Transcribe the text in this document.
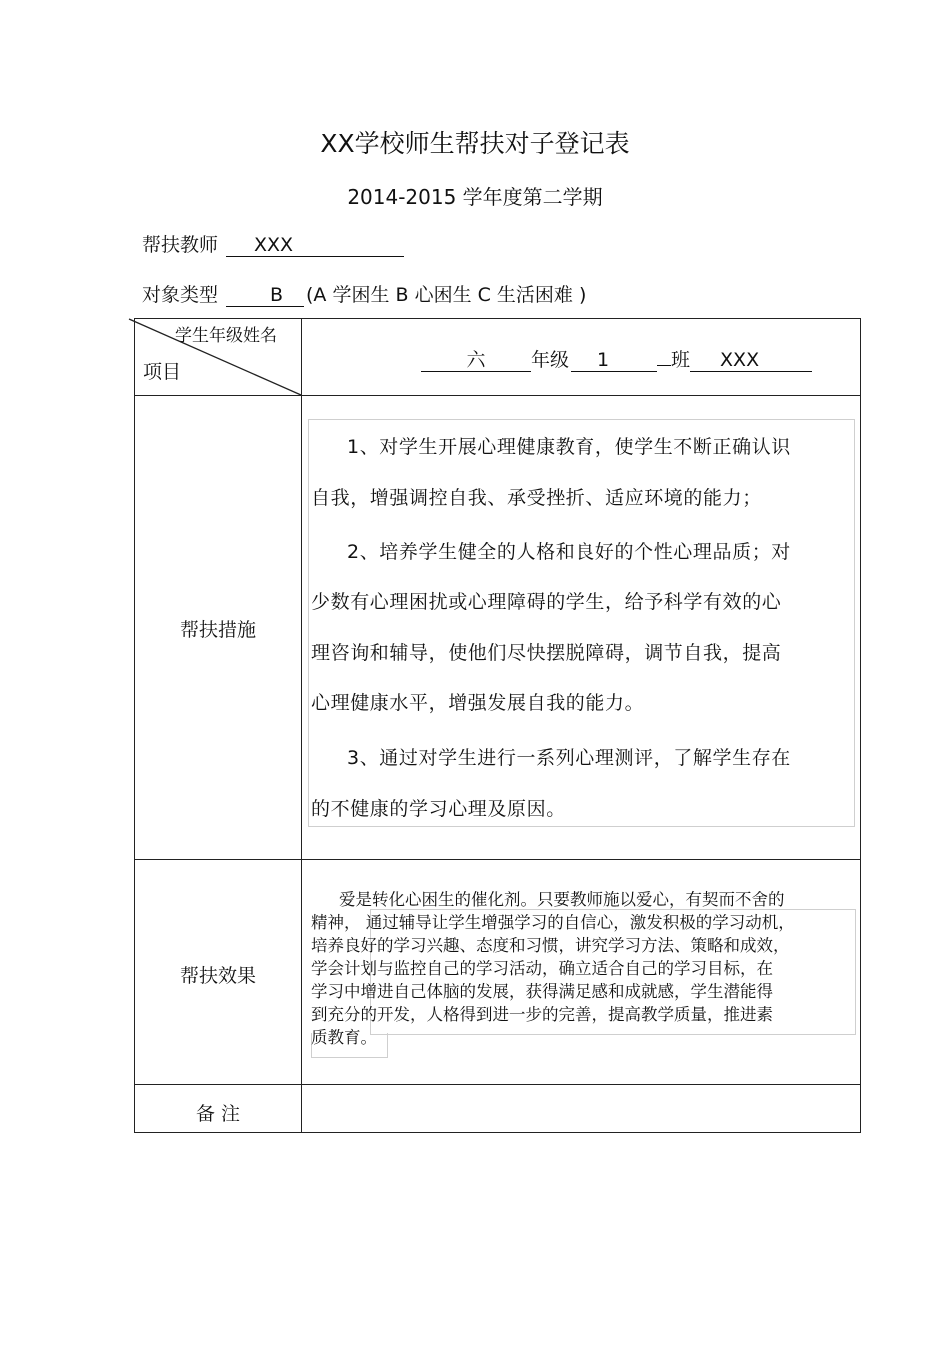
XX学校师生帮扶对子登记表
2014-2015 学年度第二学期
帮扶教师 XXX
对象类型	B (A 学困生 B 心困生 C 生活困难 )
学生年级姓名
项目
六 年级 1	班 XXX
帮扶措施
1、对学生开展心理健康教育，使学生不断正确认识
自我，增强调控自我、承受挫折、适应环境的能力；
2、培养学生健全的人格和良好的个性心理品质；对
少数有心理困扰或心理障碍的学生，给予科学有效的心
理咨询和辅导，使他们尽快摆脱障碍，调节自我，提高
心理健康水平，增强发展自我的能力。
3、通过对学生进行一系列心理测评，了解学生存在
的不健康的学习心理及原因。
帮扶效果
爱是转化心困生的催化剂。只要教师施以爱心，有契而不舍的
精神， 通过辅导让学生增强学习的自信心，激发积极的学习动机，
培养良好的学习兴趣、态度和习惯，讲究学习方法、策略和成效，
学会计划与监控自己的学习活动，确立适合自己的学习目标，在
学习中增进自己体脑的发展，获得满足感和成就感，学生潜能得
到充分的开发，人格得到进一步的完善，提高教学质量，推进素
质教育。
备 注
